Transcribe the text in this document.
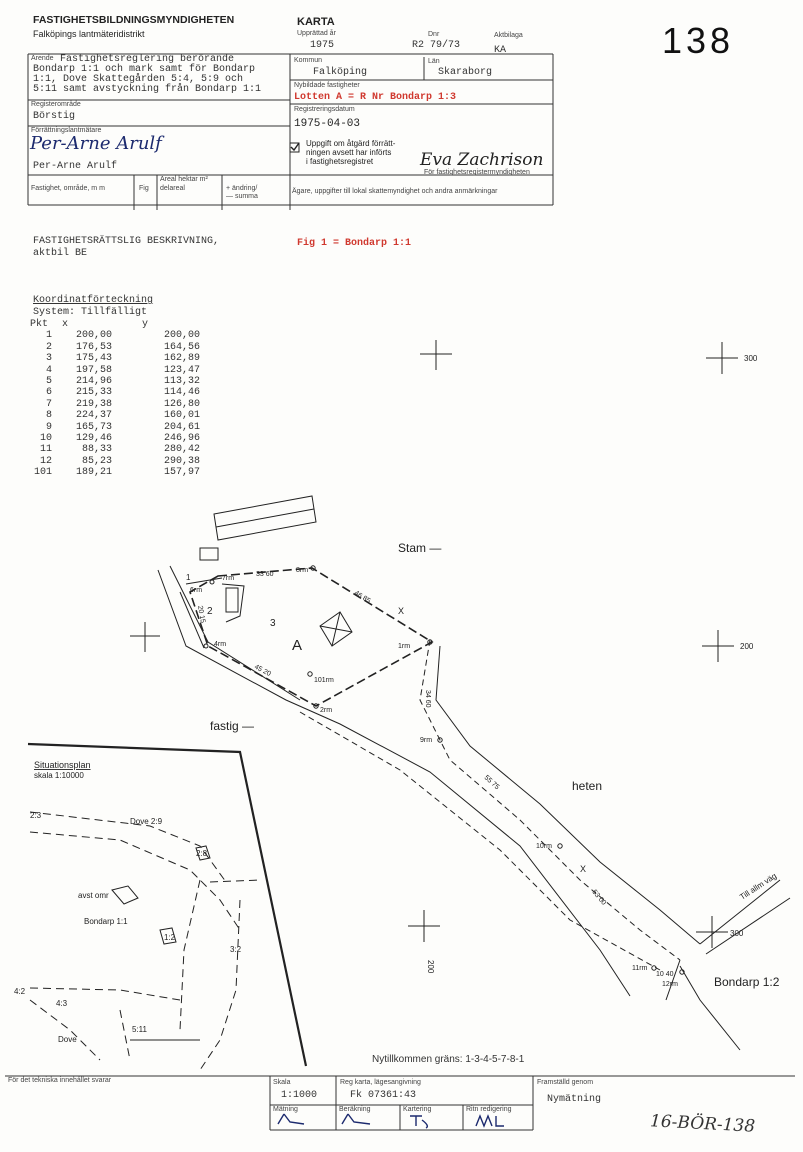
FASTIGHETSBILDNINGSMYNDIGHETEN
Falköpings lantmäteridistrikt
KARTA
Upprättad år
1975
Dnr
R2 79/73
Aktbilaga
KA	138
Ärende Fastighetsreglering berörande
Bondarp 1:1 och mark samt för Bondarp
1:1, Dove Skattegården 5:4, 5:9 och
5:11 samt avstyckning från Bondarp 1:1
Registerområde
Börstig
Förrättningslantmätare
Per-Arne Arulf
Per-Arne Arulf
Kommun
Falköping
Län
Skaraborg
Nybildade fastigheter
Lotten A = R Nr Bondarp 1:3
Registreringsdatum
1975-04-03
Uppgift om åtgärd förrätt-
ningen avsett har införts
i fastighetsregistret	Eva Zachrison
För fastighetsregistermyndigheten
Fastighet, område, m m	Fig
Areal hektar m²
delareal	+ ändring/
— summa
Ägare, uppgifter till lokal skattemyndighet och andra anmärkningar
FASTIGHETSRÄTTSLIG BESKRIVNING,
aktbil BE
Fig 1 = Bondarp 1:1
Koordinatförteckning
System: Tillfälligt
Pkt	x	y
1	200,00	200,00
2	176,53	164,56
3	175,43	162,89
4	197,58	123,47
5	214,96	113,32
6	215,33	114,46
7	219,38	126,80
8	224,37	160,01
9	165,73	204,61
10	129,46	246,96
11	88,33	280,42
12	85,23	290,38
101	189,21	157,97
A
3
1
2
Stam —
fastig —
heten
Bondarp 1:2
Till allm väg
300
200
200
300
1rm
2rm
7rm
8rm
9rm
10rm
11rm
12rm
101rm
6rm
4rm
33 60
46 85
45 20
34 60
55 75
53 00
10 40
20 15	X
X
Situationsplan
skala 1:10000
Dove 2:9
2:3
2:8
avst omr
Bondarp 1:1
1:2
3:2
4:2
4:3
5:11
Dove
Nytillkommen gräns: 1-3-4-5-7-8-1
För det tekniska innehållet svarar	Skala
1:1000
Reg karta, lägesangivning
Fk 07361:43
Framställd genom
Nymätning
Mätning	Beräkning	Kartering	Ritn redigering
16-BÖR-138
